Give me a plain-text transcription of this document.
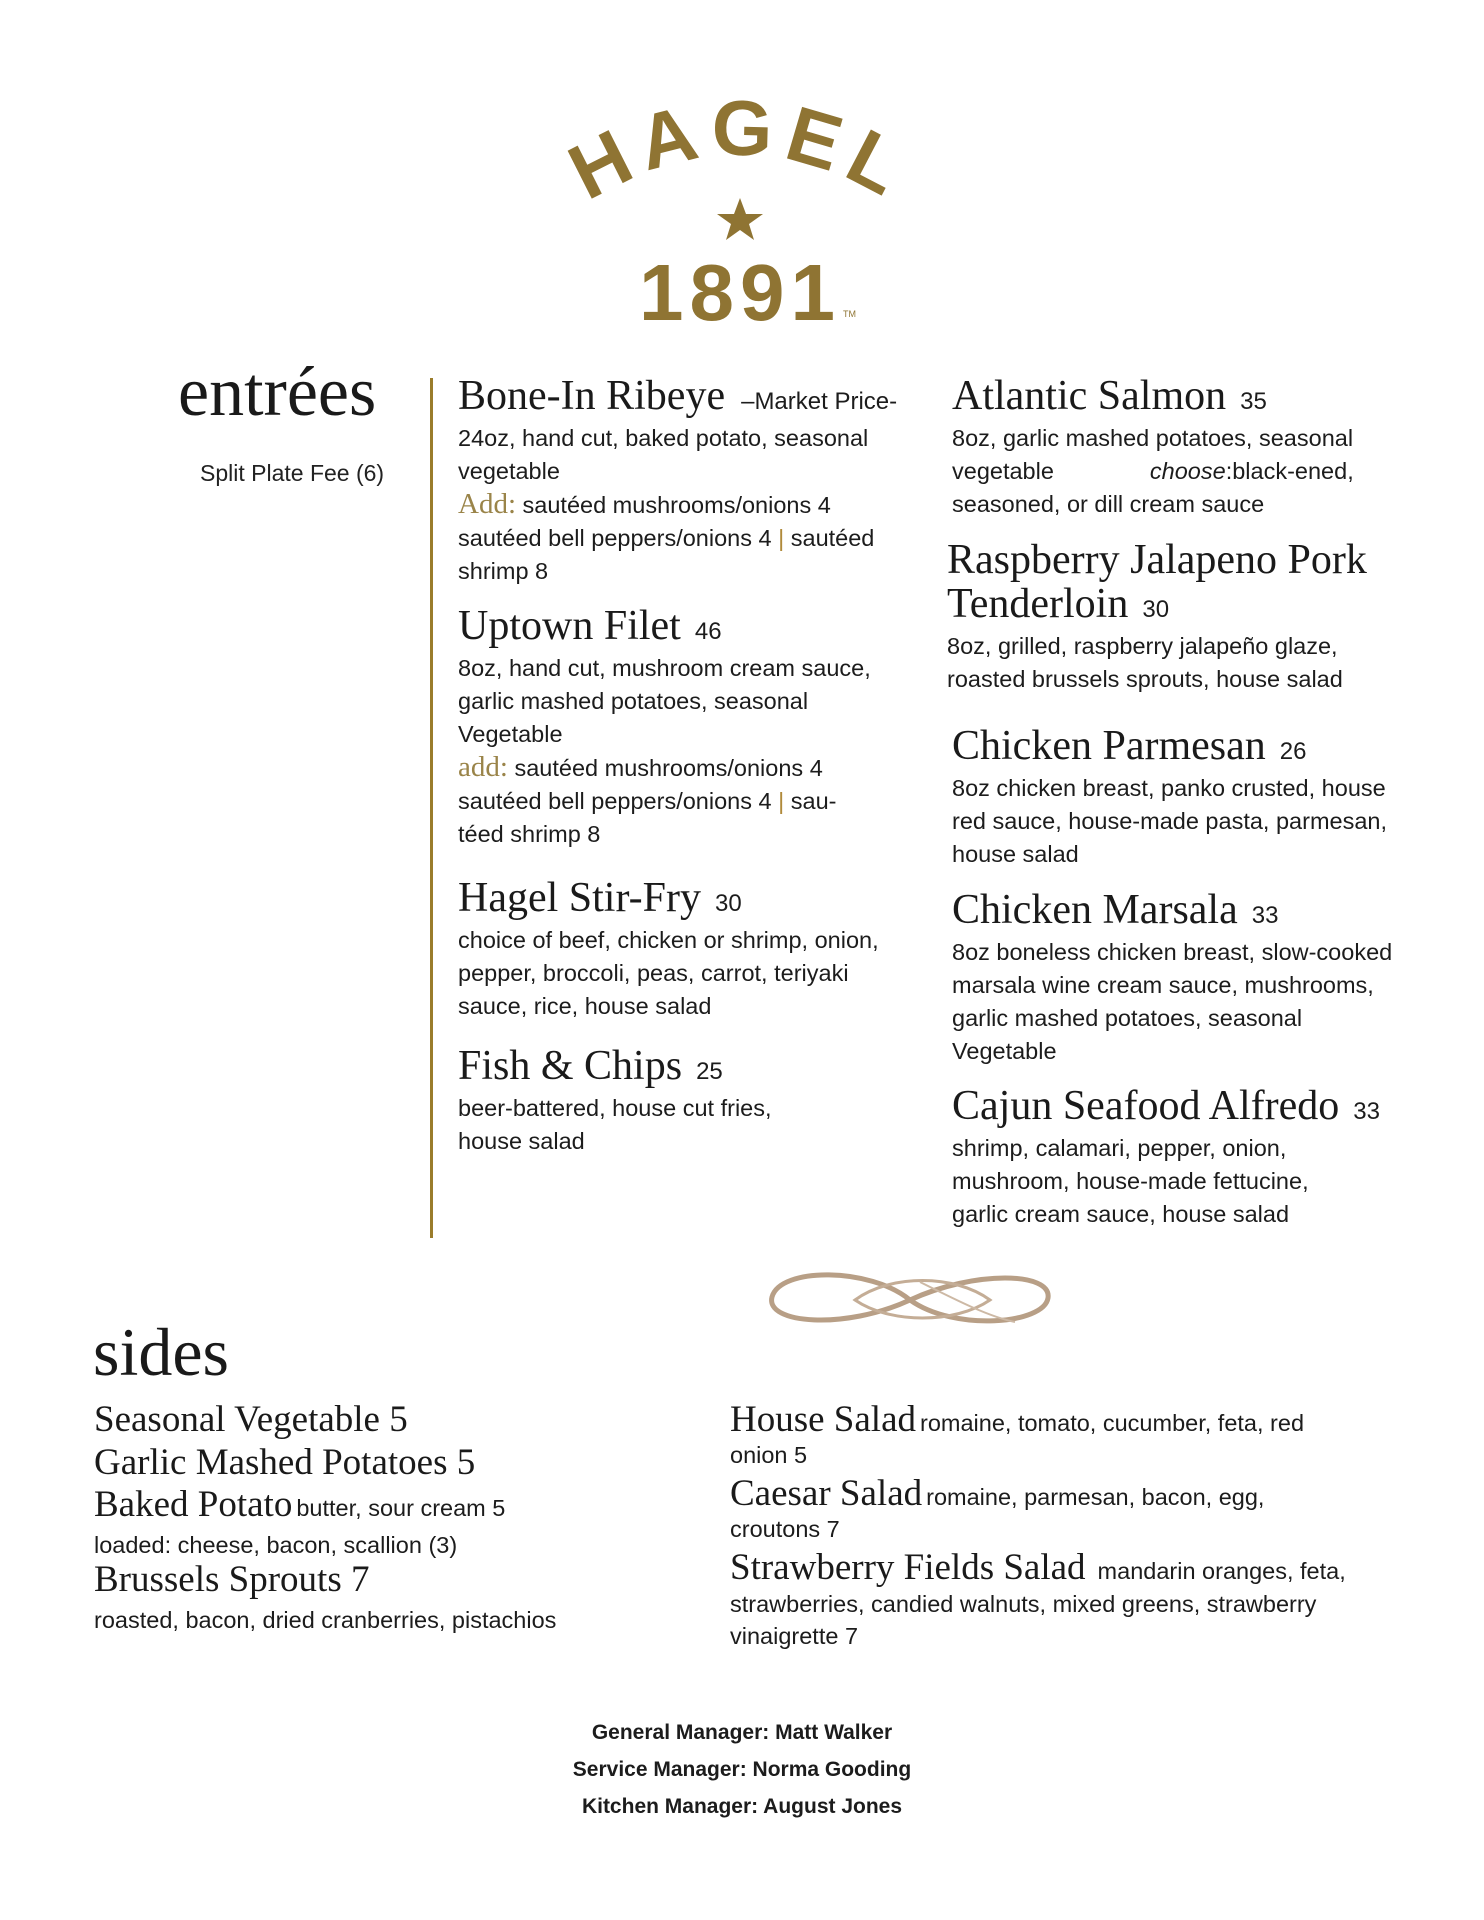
HAGEL
1891 TM
entrées
Split Plate Fee (6)
Bone-In Ribeye –Market Price-
24oz, hand cut, baked potato, seasonal
vegetable
Add: sautéed mushrooms/onions 4
sautéed bell peppers/onions 4 | sautéed
shrimp 8
Uptown Filet 46
8oz, hand cut, mushroom cream sauce,
garlic mashed potatoes, seasonal
Vegetable
add: sautéed mushrooms/onions 4
sautéed bell peppers/onions 4 | sau-
téed shrimp 8
Hagel Stir-Fry 30
choice of beef, chicken or shrimp, onion,
pepper, broccoli, peas, carrot, teriyaki
sauce, rice, house salad
Fish & Chips 25
beer-battered, house cut fries,
house salad
Atlantic Salmon 35
8oz, garlic mashed potatoes, seasonal
vegetable	choose:black-ened,
seasoned, or dill cream sauce
Raspberry Jalapeno Pork
Tenderloin 30
8oz, grilled, raspberry jalapeño glaze,
roasted brussels sprouts, house salad
Chicken Parmesan 26
8oz chicken breast, panko crusted, house
red sauce, house-made pasta, parmesan,
house salad
Chicken Marsala 33
8oz boneless chicken breast, slow-cooked
marsala wine cream sauce, mushrooms,
garlic mashed potatoes, seasonal
Vegetable
Cajun Seafood Alfredo 33
shrimp, calamari, pepper, onion,
mushroom, house-made fettucine,
garlic cream sauce, house salad
sides
Seasonal Vegetable 5
Garlic Mashed Potatoes 5
Baked Potato butter, sour cream 5
loaded: cheese, bacon, scallion (3)
Brussels Sprouts 7
roasted, bacon, dried cranberries, pistachios
House Salad romaine, tomato, cucumber, feta, red
onion 5
Caesar Salad romaine, parmesan, bacon, egg,
croutons 7
Strawberry Fields Salad mandarin oranges, feta,
strawberries, candied walnuts, mixed greens, strawberry
vinaigrette 7
General Manager: Matt Walker
Service Manager: Norma Gooding
Kitchen Manager: August Jones
